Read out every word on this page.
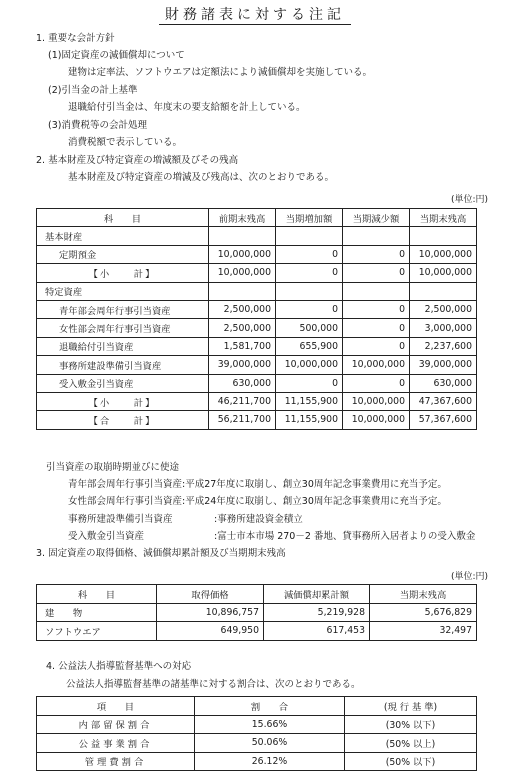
財務諸表に対する注記
1. 重要な会計方針
(1)固定資産の減価償却について
建物は定率法、ソフトウエアは定額法により減価償却を実施している。
(2)引当金の計上基準
退職給付引当金は、年度末の要支給額を計上している。
(3)消費税等の会計処理
消費税額で表示している。
2. 基本財産及び特定資産の増減額及びその残高
基本財産及び特定資産の増減及び残高は、次のとおりである。
(単位:円)
科　　目	前期末残高	当期増加額	当期減少額	当期末残高
基本財産				
定期預金	10,000,000	0	0	10,000,000
【小　　計】	10,000,000	0	0	10,000,000
特定資産				
青年部会周年行事引当資産	2,500,000	0	0	2,500,000
女性部会周年行事引当資産	2,500,000	500,000	0	3,000,000
退職給付引当資産	1,581,700	655,900	0	2,237,600
事務所建設準備引当資産	39,000,000	10,000,000	10,000,000	39,000,000
受入敷金引当資産	630,000	0	0	630,000
【小　　計】	46,211,700	11,155,900	10,000,000	47,367,600
【合　　計】	56,211,700	11,155,900	10,000,000	57,367,600
引当資産の取崩時期並びに使途
青年部会周年行事引当資産:平成27年度に取崩し、創立30周年記念事業費用に充当予定。
女性部会周年行事引当資産:平成24年度に取崩し、創立30周年記念事業費用に充当予定。
事務所建設準備引当資産	:事務所建設資金積立
受入敷金引当資産	:富士市本市場 270－2 番地、貸事務所入居者よりの受入敷金
3. 固定資産の取得価格、減価償却累計額及び当期期末残高
(単位:円)
科　　目	取得価格	減価償却累計額	当期末残高
建　　物	10,896,757	5,219,928	5,676,829
ソフトウエア	649,950	617,453	32,497
4. 公益法人指導監督基準への対応
公益法人指導監督基準の諸基準に対する割合は、次のとおりである。
項　　目	割　　合	(現 行 基 準)
内部留保割合	15.66%	(30% 以下)
公益事業割合	50.06%	(50% 以上)
管理費割合	26.12%	(50% 以下)
